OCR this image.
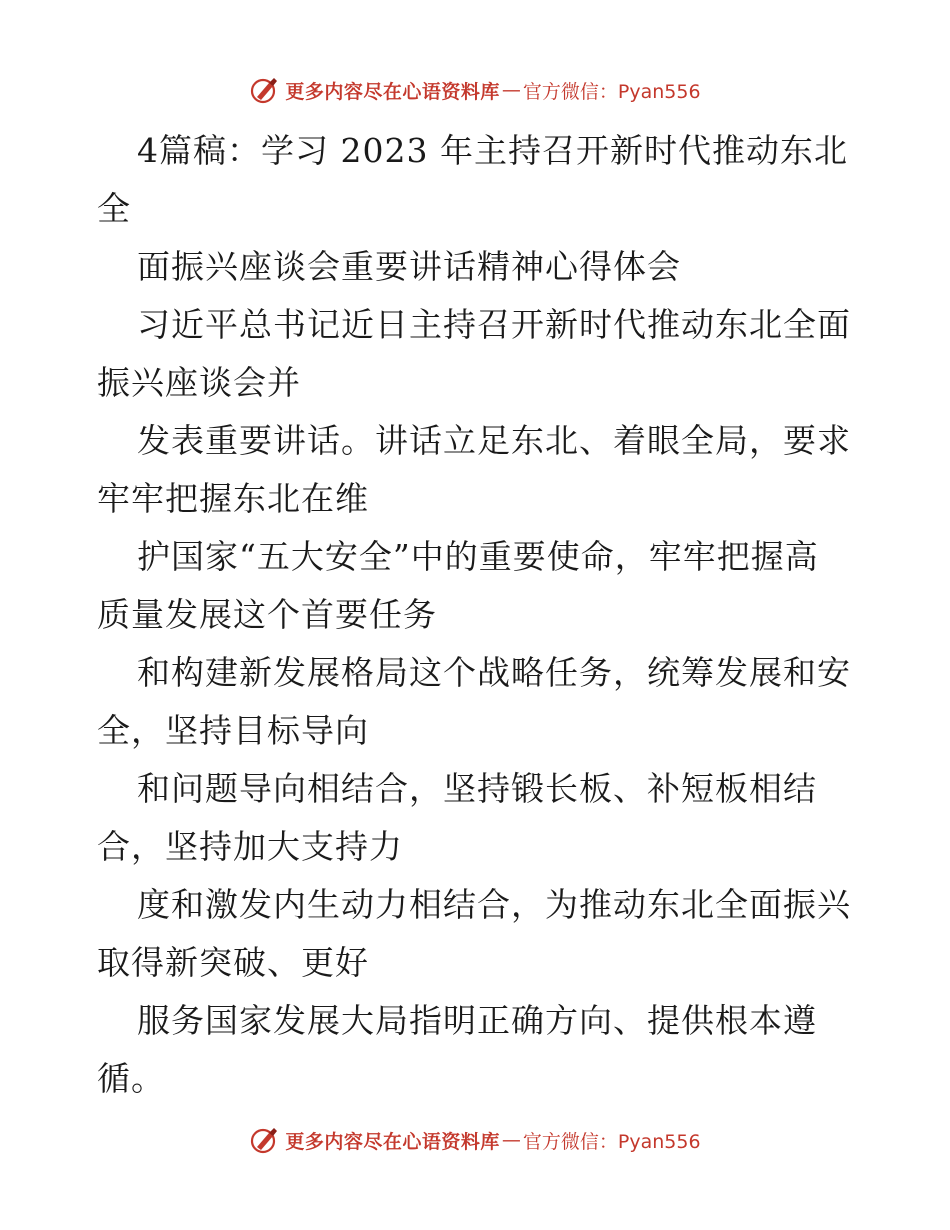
更多内容尽在心语资料库 — 官方微信：Pyan556
4篇稿：学习 2023 年主持召开新时代推动东北
全
面振兴座谈会重要讲话精神心得体会
习近平总书记近日主持召开新时代推动东北全面
振兴座谈会并
发表重要讲话。讲话立足东北、着眼全局，要求
牢牢把握东北在维
护国家“五大安全”中的重要使命，牢牢把握高
质量发展这个首要任务
和构建新发展格局这个战略任务，统筹发展和安
全，坚持目标导向
和问题导向相结合，坚持锻长板、补短板相结
合，坚持加大支持力
度和激发内生动力相结合，为推动东北全面振兴
取得新突破、更好
服务国家发展大局指明正确方向、提供根本遵
循。
更多内容尽在心语资料库 — 官方微信：Pyan556
